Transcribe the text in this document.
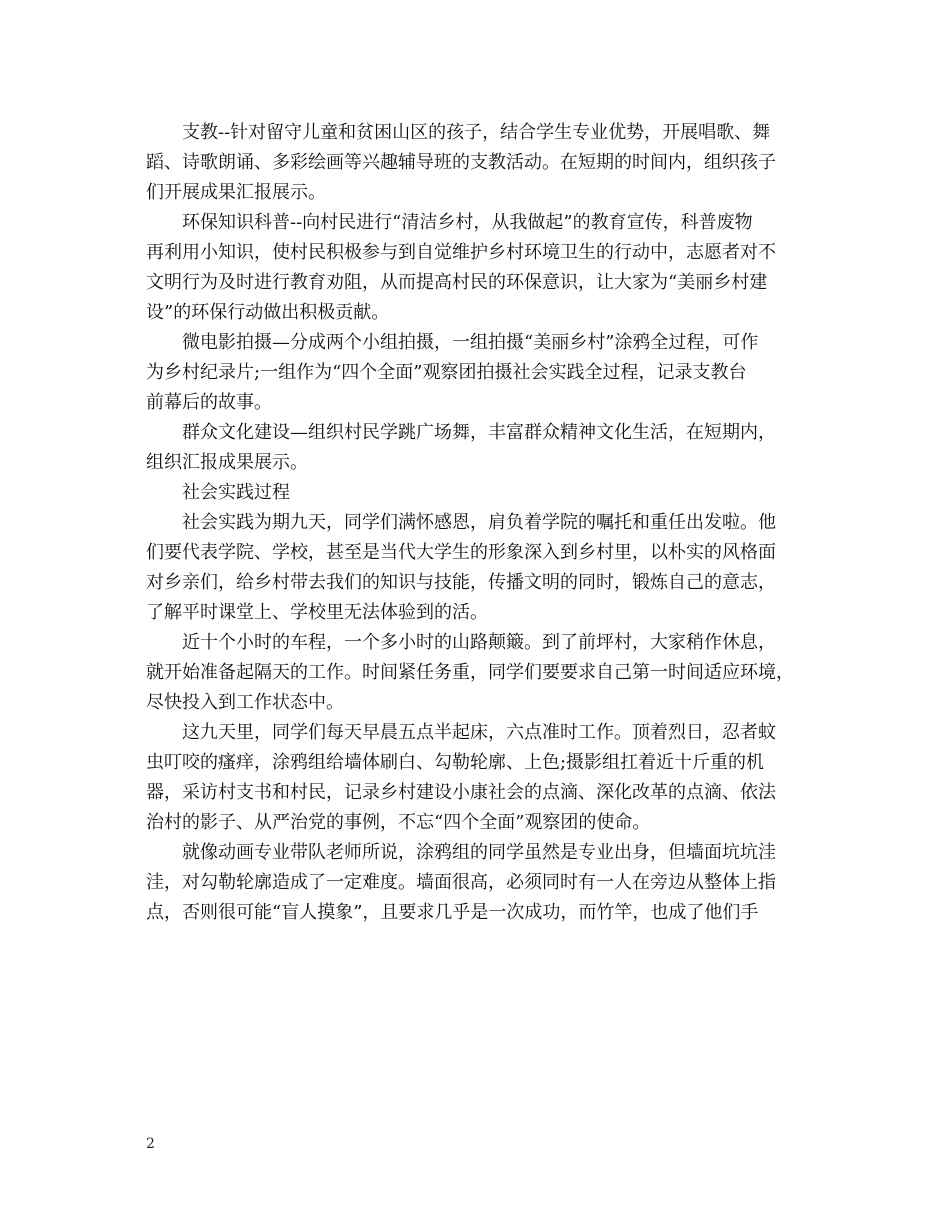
　　支教--针对留守儿童和贫困山区的孩子，结合学生专业优势，开展唱歌、舞
蹈、诗歌朗诵、多彩绘画等兴趣辅导班的支教活动。在短期的时间内，组织孩子
们开展成果汇报展示。

　　环保知识科普--向村民进行“清洁乡村，从我做起”的教育宣传，科普废物
再利用小知识，使村民积极参与到自觉维护乡村环境卫生的行动中，志愿者对不
文明行为及时进行教育劝阻，从而提高村民的环保意识，让大家为“美丽乡村建
设”的环保行动做出积极贡献。

　　微电影拍摄—分成两个小组拍摄，一组拍摄“美丽乡村”涂鸦全过程，可作
为乡村纪录片;一组作为“四个全面”观察团拍摄社会实践全过程，记录支教台
前幕后的故事。

　　群众文化建设—组织村民学跳广场舞，丰富群众精神文化生活，在短期内，
组织汇报成果展示。

　　社会实践过程

　　社会实践为期九天，同学们满怀感恩，肩负着学院的嘱托和重任出发啦。他
们要代表学院、学校，甚至是当代大学生的形象深入到乡村里，以朴实的风格面
对乡亲们，给乡村带去我们的知识与技能，传播文明的同时，锻炼自己的意志，
了解平时课堂上、学校里无法体验到的活。

　　近十个小时的车程，一个多小时的山路颠簸。到了前坪村，大家稍作休息，
就开始准备起隔天的工作。时间紧任务重，同学们要要求自己第一时间适应环境，
尽快投入到工作状态中。

　　这九天里，同学们每天早晨五点半起床，六点准时工作。顶着烈日，忍者蚊
虫叮咬的瘙痒，涂鸦组给墙体刷白、勾勒轮廓、上色;摄影组扛着近十斤重的机
器，采访村支书和村民，记录乡村建设小康社会的点滴、深化改革的点滴、依法
治村的影子、从严治党的事例，不忘“四个全面”观察团的使命。

　　就像动画专业带队老师所说，涂鸦组的同学虽然是专业出身，但墙面坑坑洼
洼，对勾勒轮廓造成了一定难度。墙面很高，必须同时有一人在旁边从整体上指
点，否则很可能“盲人摸象”，且要求几乎是一次成功，而竹竿，也成了他们手

2
